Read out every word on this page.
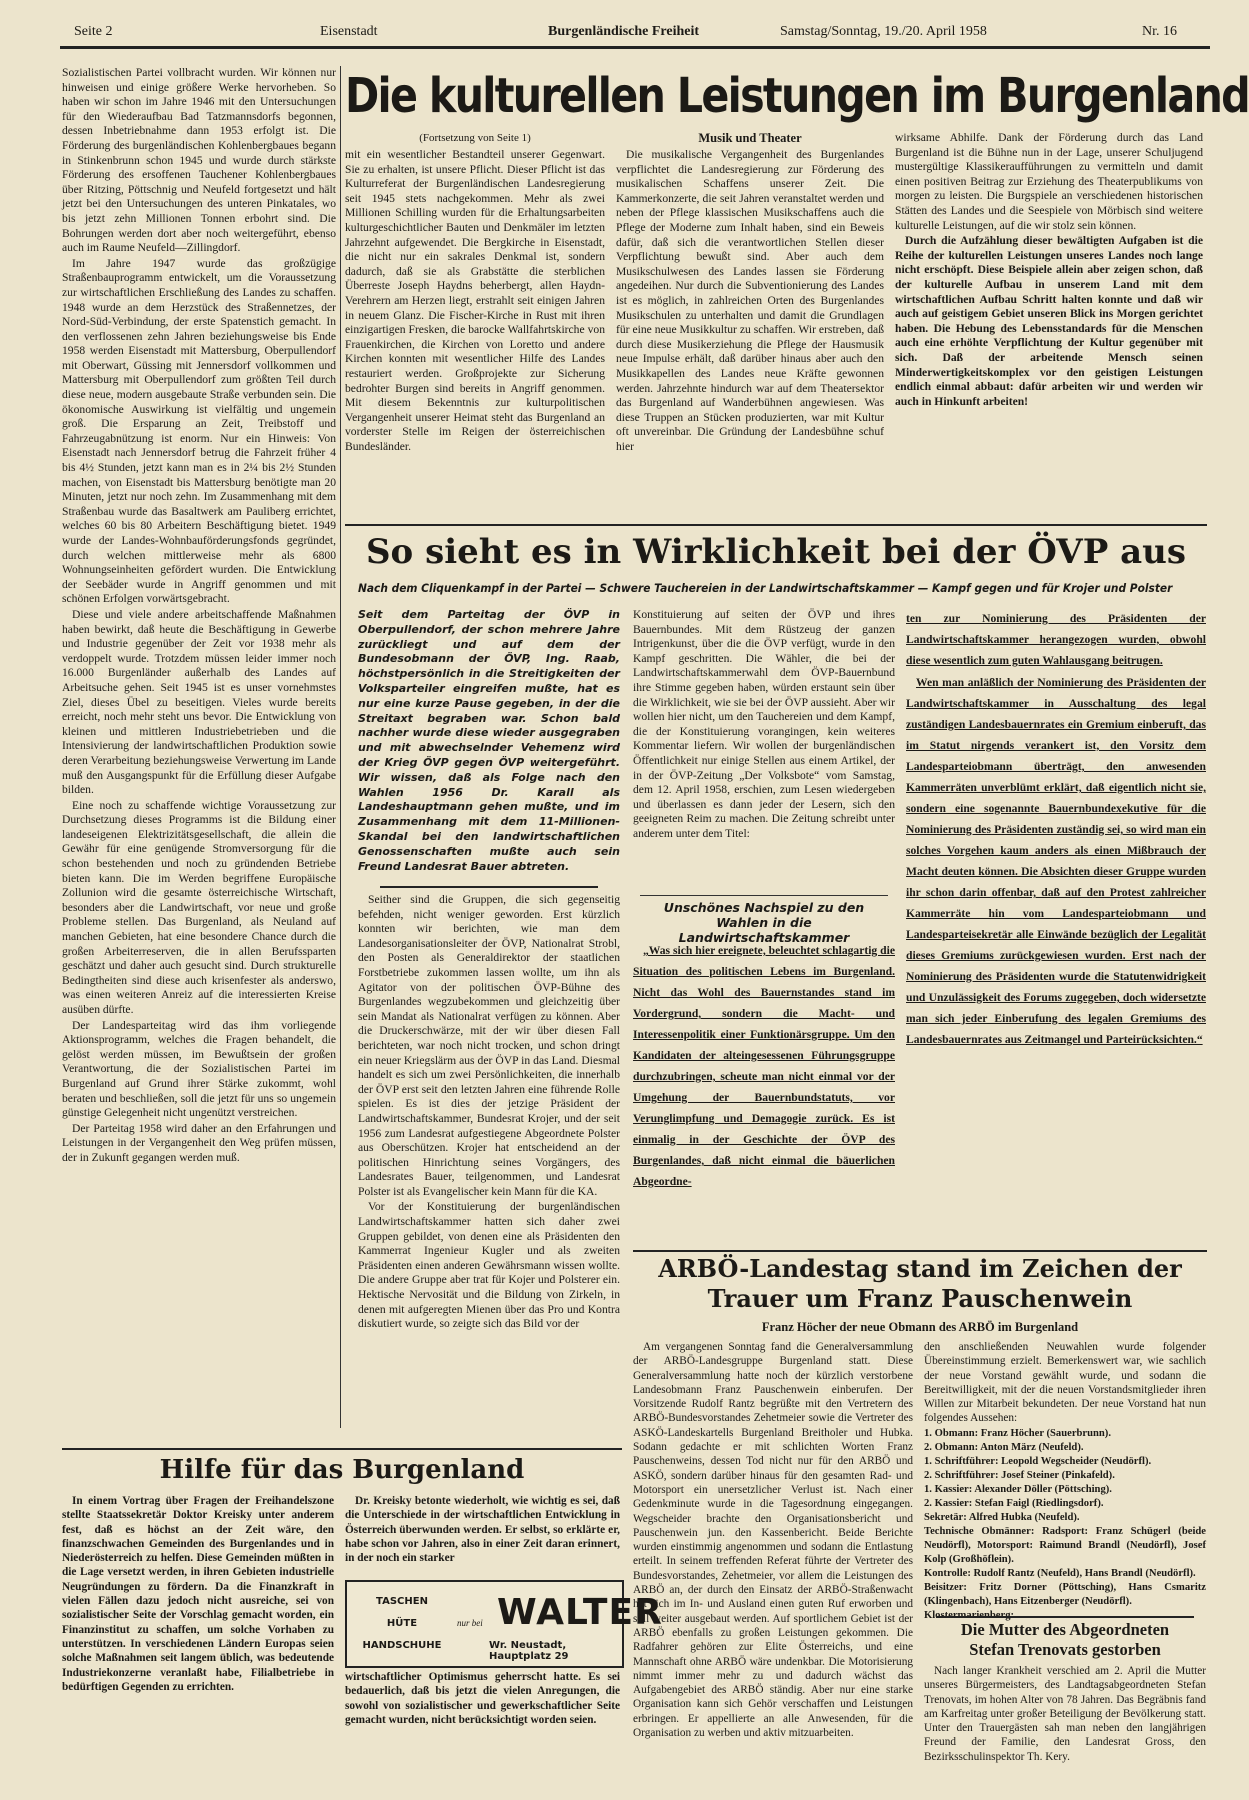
Seite 2	Eisenstadt	Burgenländische Freiheit	Samstag/Sonntag, 19./20. April 1958	Nr. 16

Sozialistischen Partei vollbracht wurden. Wir können nur hinweisen und einige größere Werke hervorheben. So haben wir schon im Jahre 1946 mit den Untersuchungen für den Wiederaufbau Bad Tatzmannsdorfs begonnen, dessen Inbetriebnahme dann 1953 erfolgt ist. Die Förderung des burgenländischen Kohlenbergbaues begann in Stinkenbrunn schon 1945 und wurde durch stärkste Förderung des ersoffenen Tauchener Kohlenbergbaues über Ritzing, Pöttschnig und Neufeld fortgesetzt und hält jetzt bei den Untersuchungen des unteren Pinkatales, wo bis jetzt zehn Millionen Tonnen erbohrt sind. Die Bohrungen werden dort aber noch weitergeführt, ebenso auch im Raume Neufeld—Zillingdorf.

Im Jahre 1947 wurde das großzügige Straßenbauprogramm entwickelt, um die Voraussetzung zur wirtschaftlichen Erschließung des Landes zu schaffen. 1948 wurde an dem Herzstück des Straßennetzes, der Nord-Süd-Verbindung, der erste Spatenstich gemacht. In den verflossenen zehn Jahren beziehungsweise bis Ende 1958 werden Eisenstadt mit Mattersburg, Oberpullendorf mit Oberwart, Güssing mit Jennersdorf vollkommen und Mattersburg mit Oberpullendorf zum größten Teil durch diese neue, modern ausgebaute Straße verbunden sein. Die ökonomische Auswirkung ist vielfältig und ungemein groß. Die Ersparung an Zeit, Treibstoff und Fahrzeugabnützung ist enorm. Nur ein Hinweis: Von Eisenstadt nach Jennersdorf betrug die Fahrzeit früher 4 bis 4½ Stunden, jetzt kann man es in 2¼ bis 2½ Stunden machen, von Eisenstadt bis Mattersburg benötigte man 20 Minuten, jetzt nur noch zehn. Im Zusammenhang mit dem Straßenbau wurde das Basaltwerk am Pauliberg errichtet, welches 60 bis 80 Arbeitern Beschäftigung bietet. 1949 wurde der Landes-Wohnbauförderungsfonds gegründet, durch welchen mittlerweise mehr als 6800 Wohnungseinheiten gefördert wurden. Die Entwicklung der Seebäder wurde in Angriff genommen und mit schönen Erfolgen vorwärtsgebracht.

Diese und viele andere arbeitschaffende Maßnahmen haben bewirkt, daß heute die Beschäftigung in Gewerbe und Industrie gegenüber der Zeit vor 1938 mehr als verdoppelt wurde. Trotzdem müssen leider immer noch 16.000 Burgenländer außerhalb des Landes auf Arbeitsuche gehen. Seit 1945 ist es unser vornehmstes Ziel, dieses Übel zu beseitigen. Vieles wurde bereits erreicht, noch mehr steht uns bevor. Die Entwicklung von kleinen und mittleren Industriebetrieben und die Intensivierung der landwirtschaftlichen Produktion sowie deren Verarbeitung beziehungsweise Verwertung im Lande muß den Ausgangspunkt für die Erfüllung dieser Aufgabe bilden.

Eine noch zu schaffende wichtige Voraussetzung zur Durchsetzung dieses Programms ist die Bildung einer landeseigenen Elektrizitätsgesellschaft, die allein die Gewähr für eine genügende Stromversorgung für die schon bestehenden und noch zu gründenden Betriebe bieten kann. Die im Werden begriffene Europäische Zollunion wird die gesamte österreichische Wirtschaft, besonders aber die Landwirtschaft, vor neue und große Probleme stellen. Das Burgenland, als Neuland auf manchen Gebieten, hat eine besondere Chance durch die großen Arbeiterreserven, die in allen Berufssparten geschätzt und daher auch gesucht sind. Durch strukturelle Bedingtheiten sind diese auch krisenfester als anderswo, was einen weiteren Anreiz auf die interessierten Kreise ausüben dürfte.

Der Landesparteitag wird das ihm vorliegende Aktionsprogramm, welches die Fragen behandelt, die gelöst werden müssen, im Bewußtsein der großen Verantwortung, die der Sozialistischen Partei im Burgenland auf Grund ihrer Stärke zukommt, wohl beraten und beschließen, soll die jetzt für uns so ungemein günstige Gelegenheit nicht ungenützt verstreichen.

Der Parteitag 1958 wird daher an den Erfahrungen und Leistungen in der Vergangenheit den Weg prüfen müssen, der in Zukunft gegangen werden muß.

Die kulturellen Leistungen im Burgenland
(Fortsetzung von Seite 1)

mit ein wesentlicher Bestandteil unserer Gegenwart. Sie zu erhalten, ist unsere Pflicht. Dieser Pflicht ist das Kulturreferat der Burgenländischen Landesregierung seit 1945 stets nachgekommen. Mehr als zwei Millionen Schilling wurden für die Erhaltungsarbeiten kulturgeschichtlicher Bauten und Denkmäler im letzten Jahrzehnt aufgewendet. Die Bergkirche in Eisenstadt, die nicht nur ein sakrales Denkmal ist, sondern dadurch, daß sie als Grabstätte die sterblichen Überreste Joseph Haydns beherbergt, allen Haydn-Verehrern am Herzen liegt, erstrahlt seit einigen Jahren in neuem Glanz. Die Fischer-Kirche in Rust mit ihren einzigartigen Fresken, die barocke Wallfahrtskirche von Frauenkirchen, die Kirchen von Loretto und andere Kirchen konnten mit wesentlicher Hilfe des Landes restauriert werden. Großprojekte zur Sicherung bedrohter Burgen sind bereits in Angriff genommen. Mit diesem Bekenntnis zur kulturpolitischen Vergangenheit unserer Heimat steht das Burgenland an vorderster Stelle im Reigen der österreichischen Bundesländer.

Musik und Theater

Die musikalische Vergangenheit des Burgenlandes verpflichtet die Landesregierung zur Förderung des musikalischen Schaffens unserer Zeit. Die Kammerkonzerte, die seit Jahren veranstaltet werden und neben der Pflege klassischen Musikschaffens auch die Pflege der Moderne zum Inhalt haben, sind ein Beweis dafür, daß sich die verantwortlichen Stellen dieser Verpflichtung bewußt sind. Aber auch dem Musikschulwesen des Landes lassen sie Förderung angedeihen. Nur durch die Subventionierung des Landes ist es möglich, in zahlreichen Orten des Burgenlandes Musikschulen zu unterhalten und damit die Grundlagen für eine neue Musikkultur zu schaffen. Wir erstreben, daß durch diese Musikerziehung die Pflege der Hausmusik neue Impulse erhält, daß darüber hinaus aber auch den Musikkapellen des Landes neue Kräfte gewonnen werden. Jahrzehnte hindurch war auf dem Theatersektor das Burgenland auf Wanderbühnen angewiesen. Was diese Truppen an Stücken produzierten, war mit Kultur oft unvereinbar. Die Gründung der Landesbühne schuf hier

wirksame Abhilfe. Dank der Förderung durch das Land Burgenland ist die Bühne nun in der Lage, unserer Schuljugend mustergültige Klassikeraufführungen zu vermitteln und damit einen positiven Beitrag zur Erziehung des Theaterpublikums von morgen zu leisten. Die Burgspiele an verschiedenen historischen Stätten des Landes und die Seespiele von Mörbisch sind weitere kulturelle Leistungen, auf die wir stolz sein können.

Durch die Aufzählung dieser bewältigten Aufgaben ist die Reihe der kulturellen Leistungen unseres Landes noch lange nicht erschöpft. Diese Beispiele allein aber zeigen schon, daß der kulturelle Aufbau in unserem Land mit dem wirtschaftlichen Aufbau Schritt halten konnte und daß wir auch auf geistigem Gebiet unseren Blick ins Morgen gerichtet haben. Die Hebung des Lebensstandards für die Menschen auch eine erhöhte Verpflichtung der Kultur gegenüber mit sich. Daß der arbeitende Mensch seinen Minderwertigkeitskomplex vor den geistigen Leistungen endlich einmal abbaut: dafür arbeiten wir und werden wir auch in Hinkunft arbeiten!

So sieht es in Wirklichkeit bei der ÖVP aus
Nach dem Cliquenkampf in der Partei — Schwere Tauchereien in der Landwirtschaftskammer — Kampf gegen und für Krojer und Polster

Seit dem Parteitag der ÖVP in Oberpullendorf, der schon mehrere Jahre zurückliegt und auf dem der Bundesobmann der ÖVP, Ing. Raab, höchstpersönlich in die Streitigkeiten der Volksparteiler eingreifen mußte, hat es nur eine kurze Pause gegeben, in der die Streitaxt begraben war. Schon bald nachher wurde diese wieder ausgegraben und mit abwechselnder Vehemenz wird der Krieg ÖVP gegen ÖVP weitergeführt. Wir wissen, daß als Folge nach den Wahlen 1956 Dr. Karall als Landeshauptmann gehen mußte, und im Zusammenhang mit dem 11-Millionen-Skandal bei den landwirtschaftlichen Genossenschaften mußte auch sein Freund Landesrat Bauer abtreten.

Seither sind die Gruppen, die sich gegenseitig befehden, nicht weniger geworden. Erst kürzlich konnten wir berichten, wie man dem Landesorganisationsleiter der ÖVP, Nationalrat Strobl, den Posten als Generaldirektor der staatlichen Forstbetriebe zukommen lassen wollte, um ihn als Agitator von der politischen ÖVP-Bühne des Burgenlandes wegzubekommen und gleichzeitig über sein Mandat als Nationalrat verfügen zu können. Aber die Druckerschwärze, mit der wir über diesen Fall berichteten, war noch nicht trocken, und schon dringt ein neuer Kriegslärm aus der ÖVP in das Land. Diesmal handelt es sich um zwei Persönlichkeiten, die innerhalb der ÖVP erst seit den letzten Jahren eine führende Rolle spielen. Es ist dies der jetzige Präsident der Landwirtschaftskammer, Bundesrat Krojer, und der seit 1956 zum Landesrat aufgestiegene Abgeordnete Polster aus Oberschützen. Krojer hat entscheidend an der politischen Hinrichtung seines Vorgängers, des Landesrates Bauer, teilgenommen, und Landesrat Polster ist als Evangelischer kein Mann für die KA.

Vor der Konstituierung der burgenländischen Landwirtschaftskammer hatten sich daher zwei Gruppen gebildet, von denen eine als Präsidenten den Kammerrat Ingenieur Kugler und als zweiten Präsidenten einen anderen Gewährsmann wissen wollte. Die andere Gruppe aber trat für Kojer und Polsterer ein. Hektische Nervosität und die Bildung von Zirkeln, in denen mit aufgeregten Mienen über das Pro und Kontra diskutiert wurde, so zeigte sich das Bild vor der

Konstituierung auf seiten der ÖVP und ihres Bauernbundes. Mit dem Rüstzeug der ganzen Intrigenkunst, über die die ÖVP verfügt, wurde in den Kampf geschritten. Die Wähler, die bei der Landwirtschaftskammerwahl dem ÖVP-Bauernbund ihre Stimme gegeben haben, würden erstaunt sein über die Wirklichkeit, wie sie bei der ÖVP aussieht. Aber wir wollen hier nicht, um den Tauchereien und dem Kampf, die der Konstituierung vorangingen, kein weiteres Kommentar liefern. Wir wollen der burgenländischen Öffentlichkeit nur einige Stellen aus einem Artikel, der in der ÖVP-Zeitung „Der Volksbote“ vom Samstag, dem 12. April 1958, erschien, zum Lesen wiedergeben und überlassen es dann jeder der Lesern, sich den geeigneten Reim zu machen. Die Zeitung schreibt unter anderem unter dem Titel:

Unschönes Nachspiel zu den Wahlen in die Landwirtschaftskammer

„Was sich hier ereignete, beleuchtet schlagartig die Situation des politischen Lebens im Burgenland. Nicht das Wohl des Bauernstandes stand im Vordergrund, sondern die Macht- und Interessenpolitik einer Funktionärsgruppe. Um den Kandidaten der alteingesessenen Führungsgruppe durchzubringen, scheute man nicht einmal vor der Umgehung der Bauernbundstatuts, vor Verunglimpfung und Demagogie zurück. Es ist einmalig in der Geschichte der ÖVP des Burgenlandes, daß nicht einmal die bäuerlichen Abgeordne-

ten zur Nominierung des Präsidenten der Landwirtschaftskammer herangezogen wurden, obwohl diese wesentlich zum guten Wahlausgang beitrugen.

Wen man anläßlich der Nominierung des Präsidenten der Landwirtschaftskammer in Ausschaltung des legal zuständigen Landesbauernrates ein Gremium einberuft, das im Statut nirgends verankert ist, den Vorsitz dem Landesparteiobmann überträgt, den anwesenden Kammerräten unverblümt erklärt, daß eigentlich nicht sie, sondern eine sogenannte Bauernbundexekutive für die Nominierung des Präsidenten zuständig sei, so wird man ein solches Vorgehen kaum anders als einen Mißbrauch der Macht deuten können. Die Absichten dieser Gruppe wurden ihr schon darin offenbar, daß auf den Protest zahlreicher Kammerräte hin vom Landesparteiobmann und Landesparteisekretär alle Einwände bezüglich der Legalität dieses Gremiums zurückgewiesen wurden. Erst nach der Nominierung des Präsidenten wurde die Statutenwidrigkeit und Unzulässigkeit des Forums zugegeben, doch widersetzte man sich jeder Einberufung des legalen Gremiums des Landesbauernrates aus Zeitmangel und Parteirücksichten.“

ARBÖ-Landestag stand im Zeichen der
Trauer um Franz Pauschenwein
Franz Höcher der neue Obmann des ARBÖ im Burgenland

Am vergangenen Sonntag fand die Generalversammlung der ARBÖ-Landesgruppe Burgenland statt. Diese Generalversammlung hatte noch der kürzlich verstorbene Landesobmann Franz Pauschenwein einberufen. Der Vorsitzende Rudolf Rantz begrüßte mit den Vertretern des ARBÖ-Bundesvorstandes Zehetmeier sowie die Vertreter des ASKÖ-Landeskartells Burgenland Breitholer und Hubka. Sodann gedachte er mit schlichten Worten Franz Pauschenweins, dessen Tod nicht nur für den ARBÖ und ASKÖ, sondern darüber hinaus für den gesamten Rad- und Motorsport ein unersetzlicher Verlust ist. Nach einer Gedenkminute wurde in die Tagesordnung eingegangen. Wegscheider brachte den Organisationsbericht und Pauschenwein jun. den Kassenbericht. Beide Berichte wurden einstimmig angenommen und sodann die Entlastung erteilt. In seinem treffenden Referat führte der Vertreter des Bundesvorstandes, Zehetmeier, vor allem die Leistungen des ARBÖ an, der durch den Einsatz der ARBÖ-Straßenwacht hat sich im In- und Ausland einen guten Ruf erworben und soll weiter ausgebaut werden. Auf sportlichem Gebiet ist der ARBÖ ebenfalls zu großen Leistungen gekommen. Die Radfahrer gehören zur Elite Österreichs, und eine Mannschaft ohne ARBÖ wäre undenkbar. Die Motorisierung nimmt immer mehr zu und dadurch wächst das Aufgabengebiet des ARBÖ ständig. Aber nur eine starke Organisation kann sich Gehör verschaffen und Leistungen erbringen. Er appellierte an alle Anwesenden, für die Organisation zu werben und aktiv mitzuarbeiten.

den anschließenden Neuwahlen wurde folgender Übereinstimmung erzielt. Bemerkenswert war, wie sachlich der neue Vorstand gewählt wurde, und sodann die Bereitwilligkeit, mit der die neuen Vorstandsmitglieder ihren Willen zur Mitarbeit bekundeten. Der neue Vorstand hat nun folgendes Aussehen:

1. Obmann: Franz Höcher (Sauerbrunn).
2. Obmann: Anton März (Neufeld).
1. Schriftführer: Leopold Wegscheider (Neudörfl).
2. Schriftführer: Josef Steiner (Pinkafeld).
1. Kassier: Alexander Döller (Pöttsching).
2. Kassier: Stefan Faigl (Riedlingsdorf).
Sekretär: Alfred Hubka (Neufeld).
Technische Obmänner: Radsport: Franz Schügerl (beide Neudörfl), Motorsport: Raimund Brandl (Neudörfl), Josef Kolp (Großhöflein).
Kontrolle: Rudolf Rantz (Neufeld), Hans Brandl (Neudörfl).
Beisitzer: Fritz Dorner (Pöttsching), Hans Csmaritz (Klingenbach), Hans Eitzenberger (Neudörfl).
Klostermarienberg:
Die Mutter des Abgeordneten
Stefan Trenovats gestorben

Nach langer Krankheit verschied am 2. April die Mutter unseres Bürgermeisters, des Landtagsabgeordneten Stefan Trenovats, im hohen Alter von 78 Jahren. Das Begräbnis fand am Karfreitag unter großer Beteiligung der Bevölkerung statt. Unter den Trauergästen sah man neben den langjährigen Freund der Familie, den Landesrat Gross, den Bezirksschulinspektor Th. Kery.

Hilfe für das Burgenland

In einem Vortrag über Fragen der Freihandelszone stellte Staatssekretär Doktor Kreisky unter anderem fest, daß es höchst an der Zeit wäre, den finanzschwachen Gemeinden des Burgenlandes und in Niederösterreich zu helfen. Diese Gemeinden müßten in die Lage versetzt werden, in ihren Gebieten industrielle Neugründungen zu fördern. Da die Finanzkraft in vielen Fällen dazu jedoch nicht ausreiche, sei von sozialistischer Seite der Vorschlag gemacht worden, ein Finanzinstitut zu schaffen, um solche Vorhaben zu unterstützen. In verschiedenen Ländern Europas seien solche Maßnahmen seit langem üblich, was bedeutende Industriekonzerne veranlaßt habe, Filialbetriebe in bedürftigen Gegenden zu errichten.

Dr. Kreisky betonte wiederholt, wie wichtig es sei, daß die Unterschiede in der wirtschaftlichen Entwicklung in Österreich überwunden werden. Er selbst, so erklärte er, habe schon vor Jahren, also in einer Zeit daran erinnert, in der noch ein starker

TASCHEN
HÜTE
HANDSCHUHE
nur bei WALTER
Wr. Neustadt, Hauptplatz 29

wirtschaftlicher Optimismus geherrscht hatte. Es sei bedauerlich, daß bis jetzt die vielen Anregungen, die sowohl von sozialistischer und gewerkschaftlicher Seite gemacht wurden, nicht berücksichtigt worden seien.
